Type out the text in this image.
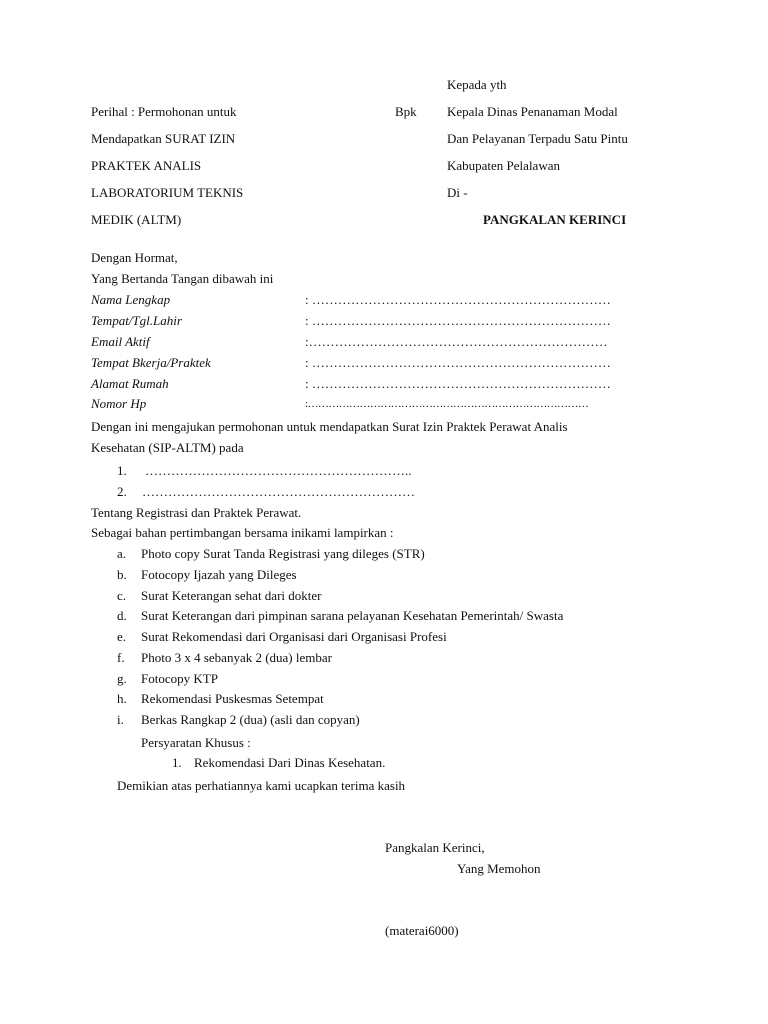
Kepada yth
Perihal : Permohonan untuk
Mendapatkan SURAT IZIN
PRAKTEK ANALIS
LABORATORIUM TEKNIS
MEDIK (ALTM)
Bpk Kepala Dinas Penanaman Modal
Dan Pelayanan Terpadu Satu Pintu
Kabupaten Pelalawan
Di -
PANGKALAN KERINCI
Dengan Hormat,
Yang Bertanda Tangan dibawah ini
Nama Lengkap	: ……………………………………………………………
Tempat/Tgl.Lahir	: ……………………………………………………………
Email Aktif	:……………………………………………………………
Tempat Bkerja/Praktek	: ……………………………………………………………
Alamat Rumah	: ……………………………………………………………
Nomor Hp	:………………………………………………………………………
Dengan ini mengajukan permohonan untuk mendapatkan Surat Izin Praktek Perawat Analis
Kesehatan (SIP-ALTM) pada
1. ……………………………………………………..
2. ………………………………………………………
Tentang Registrasi dan Praktek Perawat.
Sebagai bahan pertimbangan bersama inikami lampirkan :
a. Photo copy Surat Tanda Registrasi yang dileges (STR)
b. Fotocopy Ijazah yang Dileges
c. Surat Keterangan sehat dari dokter
d. Surat Keterangan dari pimpinan sarana pelayanan Kesehatan Pemerintah/ Swasta
e. Surat Rekomendasi dari Organisasi dari Organisasi Profesi
f. Photo 3 x 4 sebanyak 2 (dua) lembar
g. Fotocopy KTP
h. Rekomendasi Puskesmas Setempat
i. Berkas Rangkap 2 (dua) (asli dan copyan)
Persyaratan Khusus :
1. Rekomendasi Dari Dinas Kesehatan.
Demikian atas perhatiannya kami ucapkan terima kasih
Pangkalan Kerinci,
Yang Memohon
(materai6000)
